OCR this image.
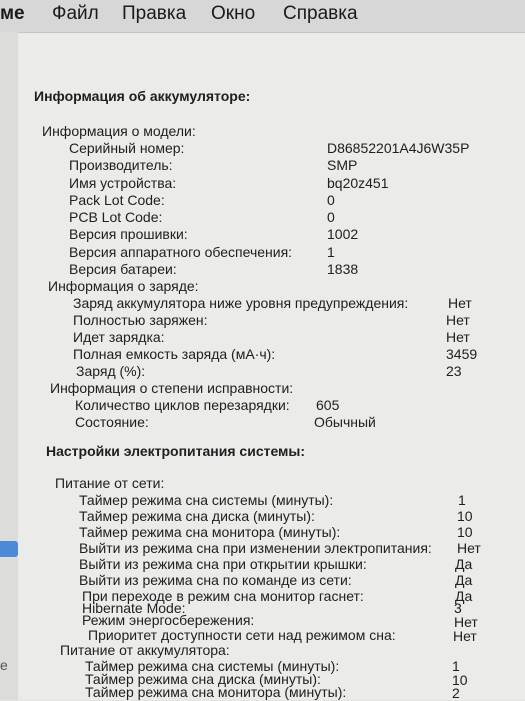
ме Файл Правка Окно Справка
e
Информация об аккумуляторе:
Информация о модели:
Серийный номер:	D86852201A4J6W35P
Производитель:	SMP
Имя устройства:	bq20z451
Pack Lot Code:	0
PCB Lot Code:	0
Версия прошивки:	1002
Версия аппаратного обеспечения: 1
Версия батареи:	1838
Информация о заряде:
Заряд аккумулятора ниже уровня предупреждения:	Нет
Полностью заряжен:	Нет
Идет зарядка:	Нет
Полная емкость заряда (мА·ч):	3459
Заряд (%):	23
Информация о степени исправности:
Количество циклов перезарядки: 605
Состояние:	Обычный
Настройки электропитания системы:
Питание от сети:
Таймер режима сна системы (минуты):	1
Таймер режима сна диска (минуты):	10
Таймер режима сна монитора (минуты):	10
Выйти из режима сна при изменении электропитания: Нет
Выйти из режима сна при открытии крышки:	Да
Выйти из режима сна по команде из сети:	Да
При переходе в режим сна монитор гаснет:	Да
Hibernate Mode:	3
Режим энергосбережения:	Нет
Приоритет доступности сети над режимом сна:	Нет
Питание от аккумулятора:
Таймер режима сна системы (минуты):	1
Таймер режима сна диска (минуты):	10
Таймер режима сна монитора (минуты):	2
